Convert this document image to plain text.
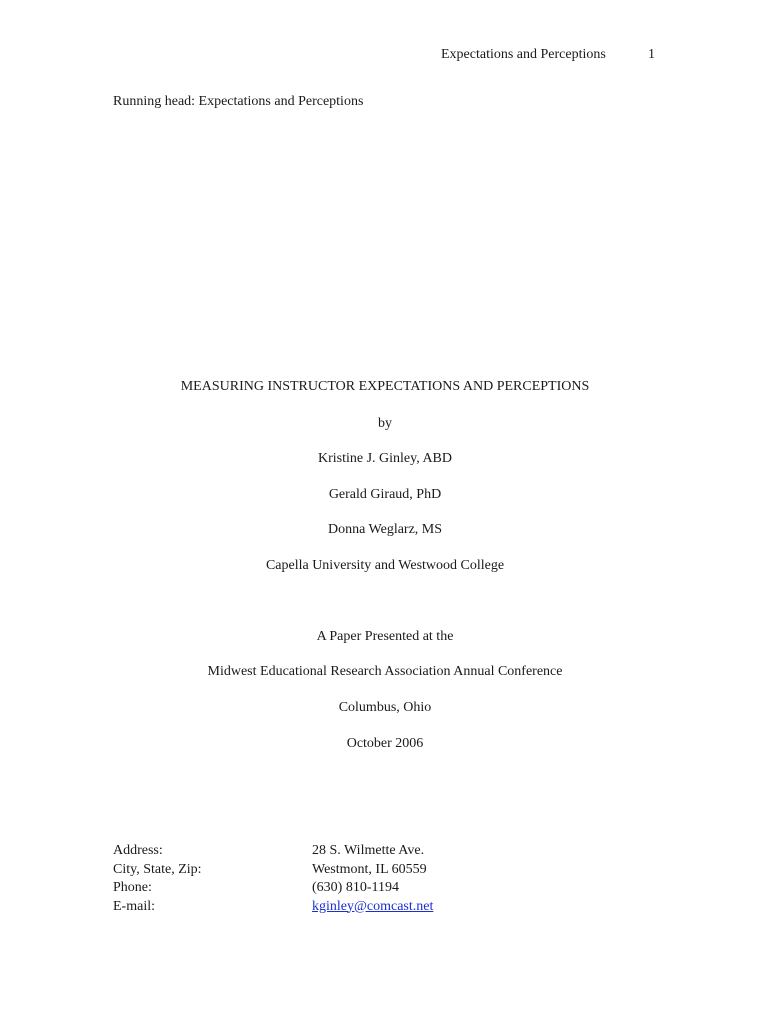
Expectations and Perceptions	1
Running head: Expectations and Perceptions
MEASURING INSTRUCTOR EXPECTATIONS AND PERCEPTIONS
by
Kristine J. Ginley, ABD
Gerald Giraud, PhD
Donna Weglarz, MS
Capella University and Westwood College
A Paper Presented at the
Midwest Educational Research Association Annual Conference
Columbus, Ohio
October 2006
Address:	28 S. Wilmette Ave.
City, State, Zip:	Westmont, IL 60559
Phone:	(630) 810-1194
E-mail:	kginley@comcast.net
